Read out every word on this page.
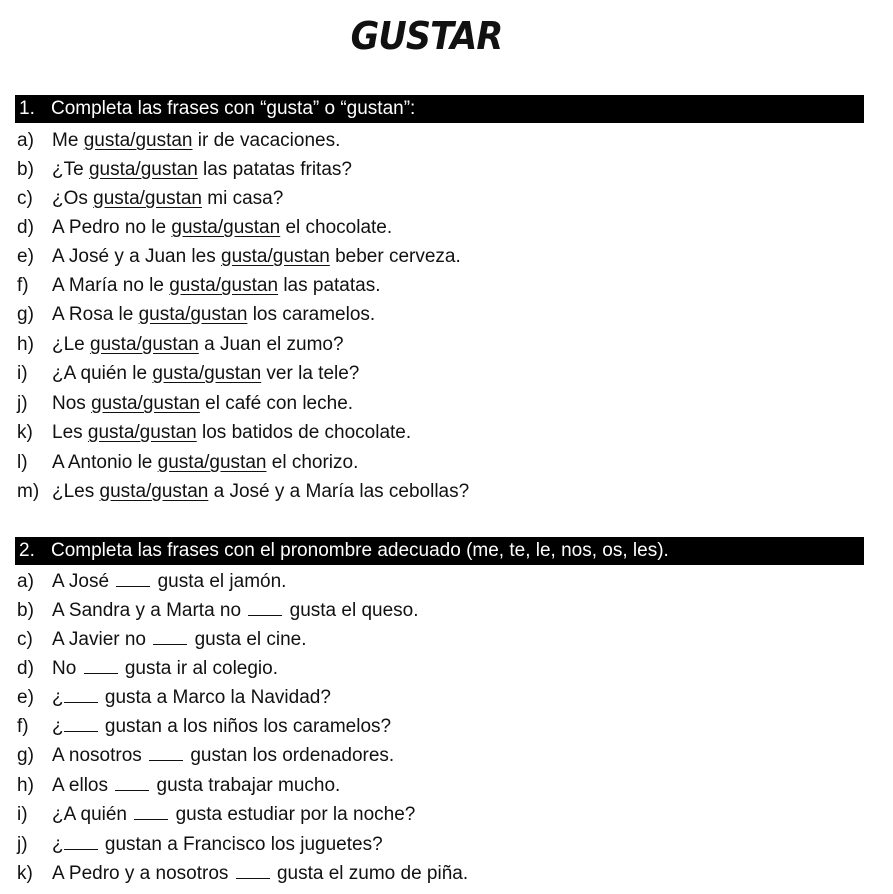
GUSTAR
1. Completa las frases con “gusta” o “gustan”:
a) Me gusta/gustan ir de vacaciones.
b) ¿Te gusta/gustan las patatas fritas?
c) ¿Os gusta/gustan mi casa?
d) A Pedro no le gusta/gustan el chocolate.
e) A José y a Juan les gusta/gustan beber cerveza.
f) A María no le gusta/gustan las patatas.
g) A Rosa le gusta/gustan los caramelos.
h) ¿Le gusta/gustan a Juan el zumo?
i) ¿A quién le gusta/gustan ver la tele?
j) Nos gusta/gustan el café con leche.
k) Les gusta/gustan los batidos de chocolate.
l) A Antonio le gusta/gustan el chorizo.
m) ¿Les gusta/gustan a José y a María las cebollas?
2. Completa las frases con el pronombre adecuado (me, te, le, nos, os, les).
a) A José	gusta el jamón.
b) A Sandra y a Marta no	gusta el queso.
c) A Javier no	gusta el cine.
d) No	gusta ir al colegio.
e) ¿ gusta a Marco la Navidad?
f) ¿ gustan a los niños los caramelos?
g) A nosotros	gustan los ordenadores.
h) A ellos	gusta trabajar mucho.
i) ¿A quién	gusta estudiar por la noche?
j) ¿ gustan a Francisco los juguetes?
k) A Pedro y a nosotros	gusta el zumo de piña.
